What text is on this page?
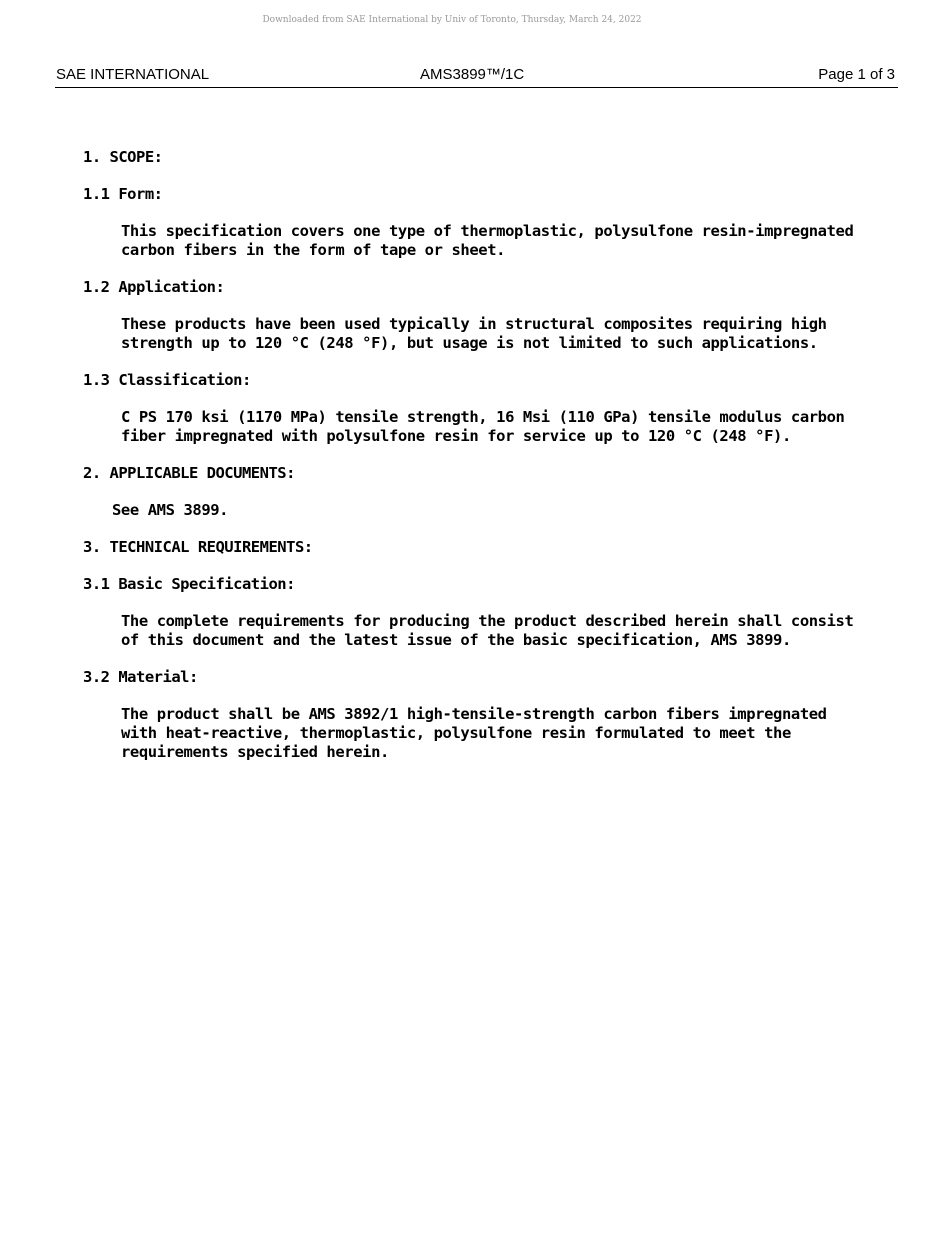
Downloaded from SAE International by Univ of Toronto, Thursday, March 24, 2022
SAE INTERNATIONAL	AMS3899™/1C	Page 1 of 3
1. SCOPE:
1.1 Form:
This specification covers one type of thermoplastic, polysulfone resin-impregnated carbon fibers in the form of tape or sheet.
1.2 Application:
These products have been used typically in structural composites requiring high strength up to 120 °C (248 °F), but usage is not limited to such applications.
1.3 Classification:
C PS 170 ksi (1170 MPa) tensile strength, 16 Msi (110 GPa) tensile modulus carbon fiber impregnated with polysulfone resin for service up to 120 °C (248 °F).
2. APPLICABLE DOCUMENTS:
See AMS 3899.
3. TECHNICAL REQUIREMENTS:
3.1 Basic Specification:
The complete requirements for producing the product described herein shall consist of this document and the latest issue of the basic specification, AMS 3899.
3.2 Material:
The product shall be AMS 3892/1 high-tensile-strength carbon fibers impregnated with heat-reactive, thermoplastic, polysulfone resin formulated to meet the requirements specified herein.
